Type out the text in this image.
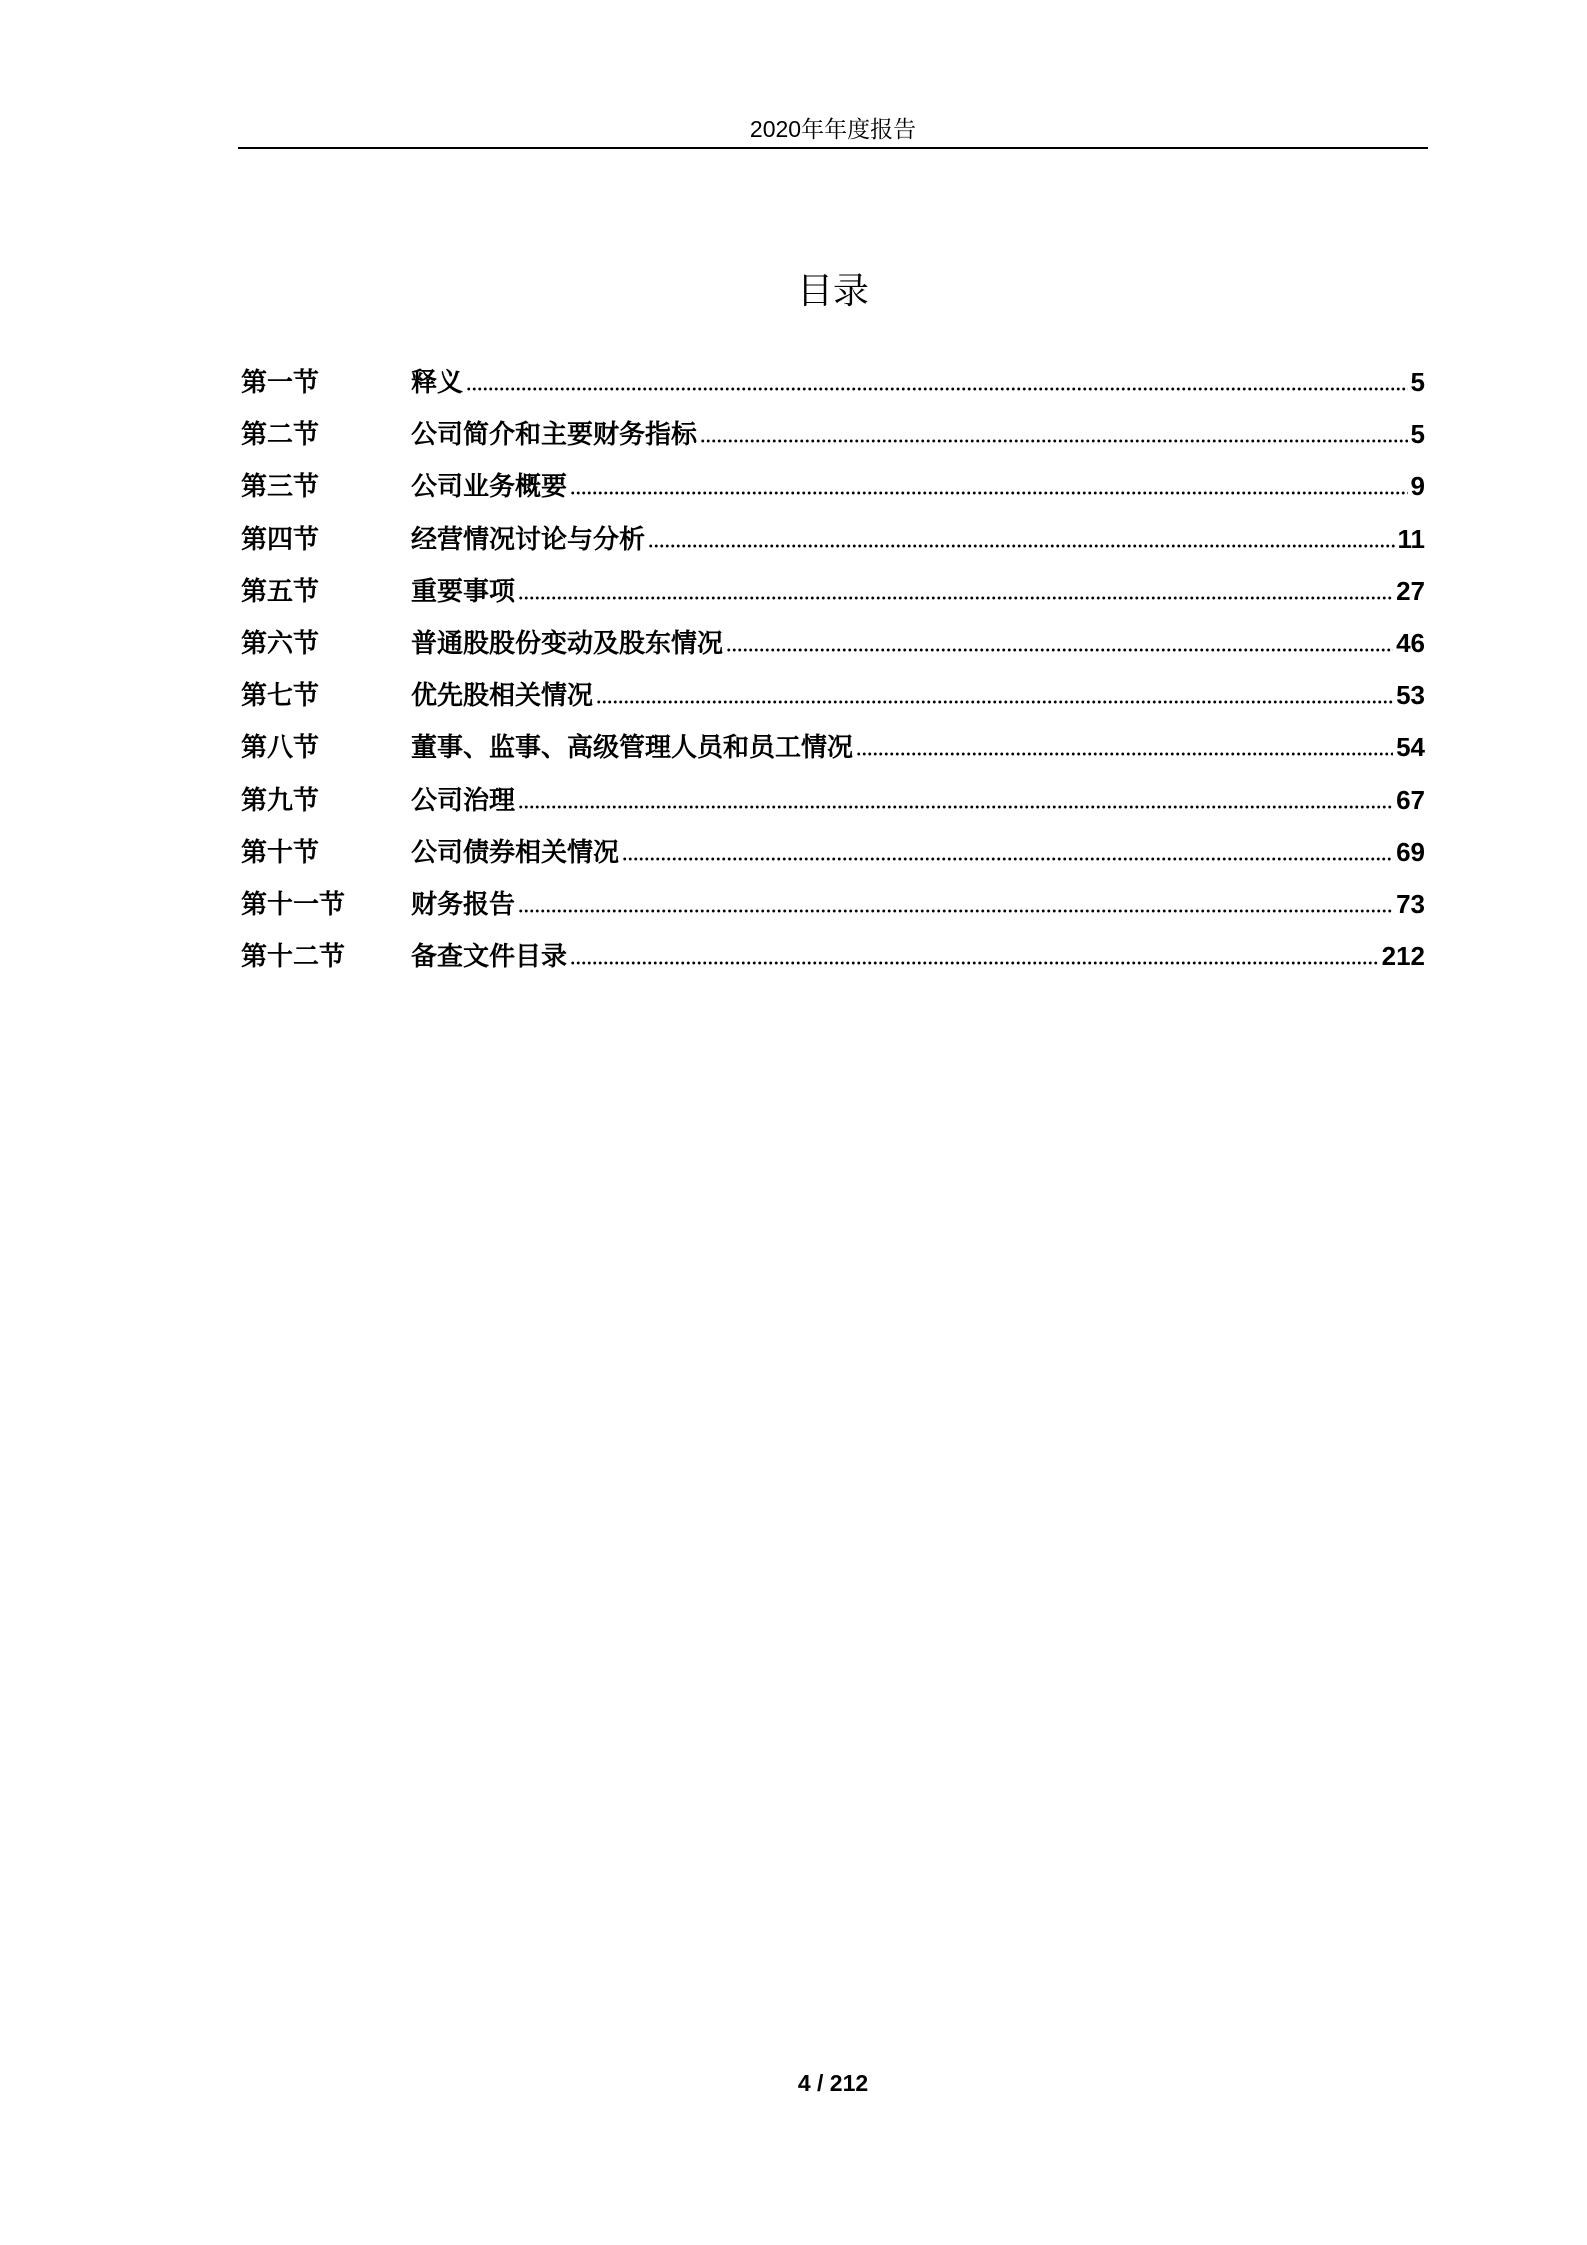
2020年年度报告
目录
第一节	释义	5
第二节	公司简介和主要财务指标	5
第三节	公司业务概要	9
第四节	经营情况讨论与分析	11
第五节	重要事项	27
第六节	普通股股份变动及股东情况	46
第七节	优先股相关情况	53
第八节	董事、监事、高级管理人员和员工情况	54
第九节	公司治理	67
第十节	公司债券相关情况	69
第十一节	财务报告	73
第十二节	备查文件目录	212
4 / 212
